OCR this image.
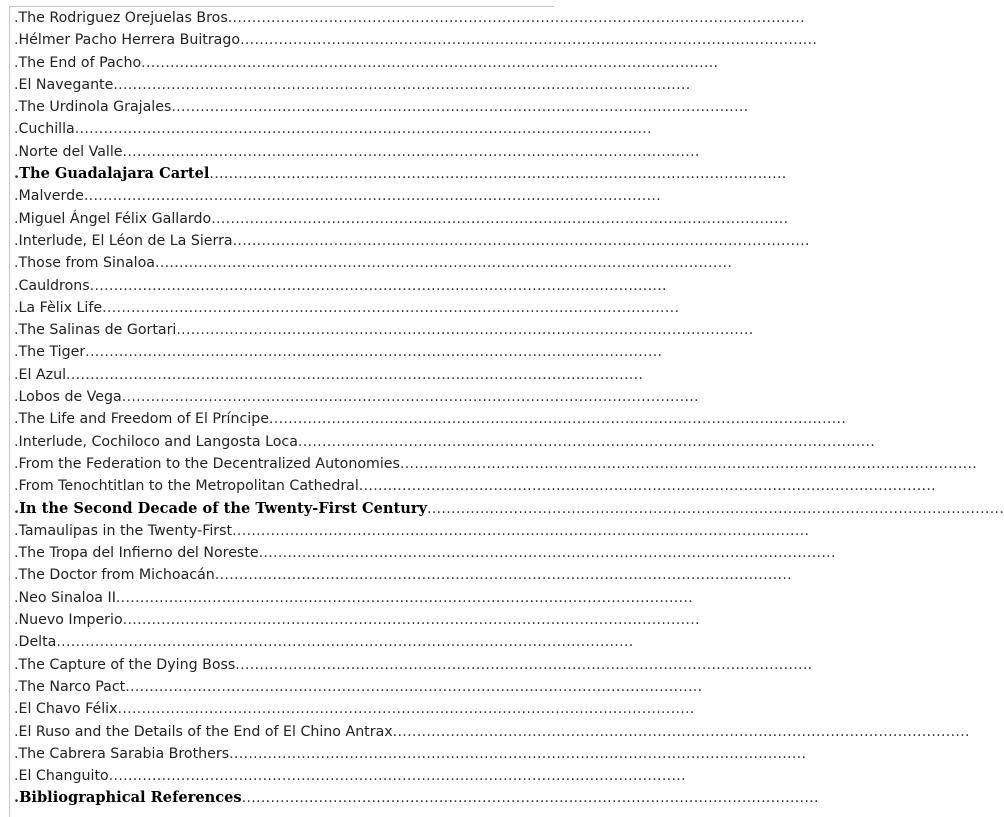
.The Rodriguez Orejuelas Bros........................................................................................................................
.Hélmer Pacho Herrera Buitrago........................................................................................................................
.The End of Pacho........................................................................................................................
.El Navegante........................................................................................................................
.The Urdinola Grajales........................................................................................................................
.Cuchilla........................................................................................................................
.Norte del Valle........................................................................................................................
.The Guadalajara Cartel........................................................................................................................
.Malverde........................................................................................................................
.Miguel Ángel Félix Gallardo........................................................................................................................
.Interlude, El Léon de La Sierra........................................................................................................................
.Those from Sinaloa........................................................................................................................
.Cauldrons........................................................................................................................
.La Fèlix Life........................................................................................................................
.The Salinas de Gortari........................................................................................................................
.The Tiger........................................................................................................................
.El Azul........................................................................................................................
.Lobos de Vega........................................................................................................................
.The Life and Freedom of El Príncipe........................................................................................................................
.Interlude, Cochiloco and Langosta Loca........................................................................................................................
.From the Federation to the Decentralized Autonomies........................................................................................................................
.From Tenochtitlan to the Metropolitan Cathedral........................................................................................................................
.In the Second Decade of the Twenty-First Century........................................................................................................................
.Tamaulipas in the Twenty-First........................................................................................................................
.The Tropa del Infierno del Noreste........................................................................................................................
.The Doctor from Michoacán........................................................................................................................
.Neo Sinaloa II........................................................................................................................
.Nuevo Imperio........................................................................................................................
.Delta........................................................................................................................
.The Capture of the Dying Boss........................................................................................................................
.The Narco Pact........................................................................................................................
.El Chavo Félix........................................................................................................................
.El Ruso and the Details of the End of El Chino Antrax........................................................................................................................
.The Cabrera Sarabia Brothers........................................................................................................................
.El Changuito........................................................................................................................
.Bibliographical References........................................................................................................................
